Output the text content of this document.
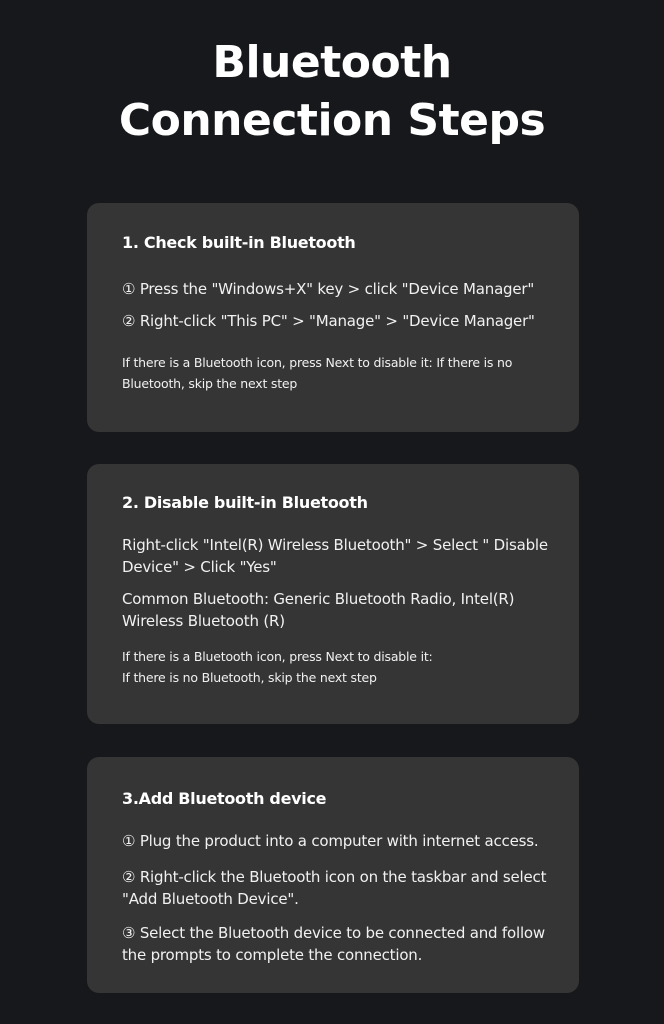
Bluetooth
Connection Steps
1. Check built-in Bluetooth

① Press the "Windows+X" key > click "Device Manager"

② Right-click "This PC" > "Manage" > "Device Manager"

If there is a Bluetooth icon, press Next to disable it: If there is no Bluetooth, skip the next step

2. Disable built-in Bluetooth

Right-click "Intel(R) Wireless Bluetooth" > Select " Disable Device" > Click "Yes"

Common Bluetooth: Generic Bluetooth Radio, Intel(R) Wireless Bluetooth (R)

If there is a Bluetooth icon, press Next to disable it:
If there is no Bluetooth, skip the next step

3.Add Bluetooth device

① Plug the product into a computer with internet access.

② Right-click the Bluetooth icon on the taskbar and select "Add Bluetooth Device".

③ Select the Bluetooth device to be connected and follow the prompts to complete the connection.
